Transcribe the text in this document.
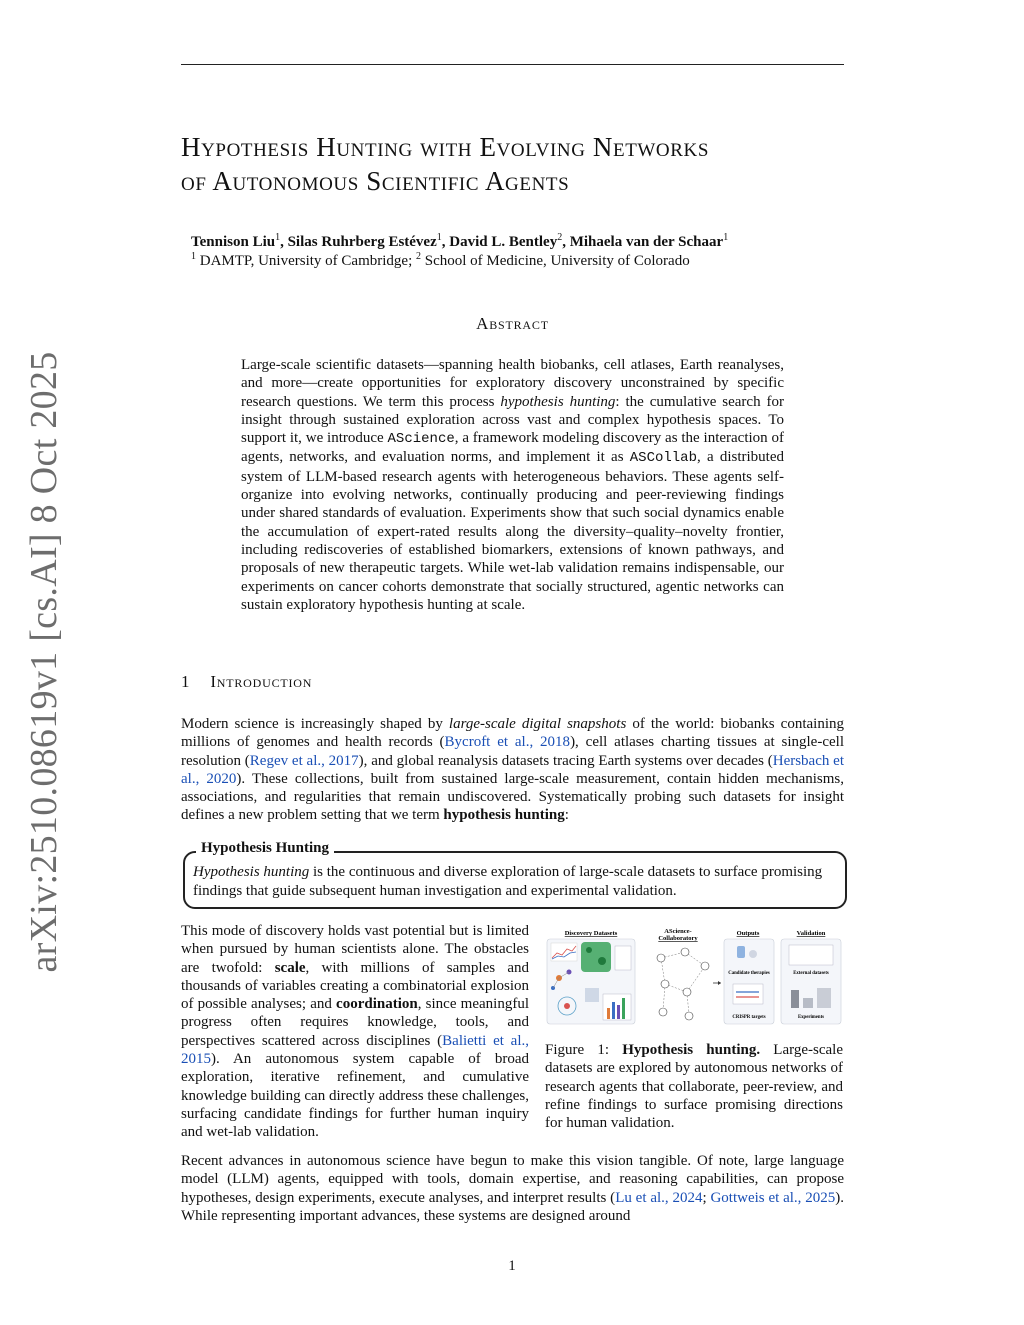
arXiv:2510.08619v1 [cs.AI] 8 Oct 2025
Hypothesis Hunting with Evolving Networks
of Autonomous Scientific Agents
Tennison Liu$^1$, Silas Ruhrberg Estévez$^1$, David L. Bentley$^2$, Mihaela van der Schaar$^1$
$^1$ DAMTP, University of Cambridge; $^2$ School of Medicine, University of Colorado
Abstract
Large-scale scientific datasets—spanning health biobanks, cell atlases, Earth reanalyses, and more—create opportunities for exploratory discovery unconstrained by specific research questions. We term this process hypothesis hunting: the cumulative search for insight through sustained exploration across vast and complex hypothesis spaces. To support it, we introduce AScience, a framework modeling discovery as the interaction of agents, networks, and evaluation norms, and implement it as ASCollab, a distributed system of LLM-based research agents with heterogeneous behaviors. These agents self-organize into evolving networks, continually producing and peer-reviewing findings under shared standards of evaluation. Experiments show that such social dynamics enable the accumulation of expert-rated results along the diversity–quality–novelty frontier, including rediscoveries of established biomarkers, extensions of known pathways, and proposals of new therapeutic targets. While wet-lab validation remains indispensable, our experiments on cancer cohorts demonstrate that socially structured, agentic networks can sustain exploratory hypothesis hunting at scale.
1 Introduction
Modern science is increasingly shaped by large-scale digital snapshots of the world: biobanks containing millions of genomes and health records (Bycroft et al., 2018), cell atlases charting tissues at single-cell resolution (Regev et al., 2017), and global reanalysis datasets tracing Earth systems over decades (Hersbach et al., 2020). These collections, built from sustained large-scale measurement, contain hidden mechanisms, associations, and regularities that remain undiscovered. Systematically probing such datasets for insight defines a new problem setting that we term hypothesis hunting:
Hypothesis Hunting
Hypothesis hunting is the continuous and diverse exploration of large-scale datasets to surface promising findings that guide subsequent human investigation and experimental validation.
This mode of discovery holds vast potential but is limited when pursued by human scientists alone. The obstacles are twofold: scale, with millions of samples and thousands of variables creating a combinatorial explosion of possible analyses; and coordination, since meaningful progress often requires knowledge, tools, and perspectives scattered across disciplines (Balietti et al., 2015). An autonomous system capable of broad exploration, iterative refinement, and cumulative knowledge building can directly address these challenges, surfacing candidate findings for further human inquiry and wet-lab validation.
Discovery Datasets	AScience-
Collaboratory
Outputs
Candidate therapies
CRISPR targets
Validation
External datasets
Experiments
Figure 1: Hypothesis hunting. Large-scale datasets are explored by autonomous networks of research agents that collaborate, peer-review, and refine findings to surface promising directions for human validation.
Recent advances in autonomous science have begun to make this vision tangible. Of note, large language model (LLM) agents, equipped with tools, domain expertise, and reasoning capabilities, can propose hypotheses, design experiments, execute analyses, and interpret results (Lu et al., 2024; Gottweis et al., 2025). While representing important advances, these systems are designed around
1
